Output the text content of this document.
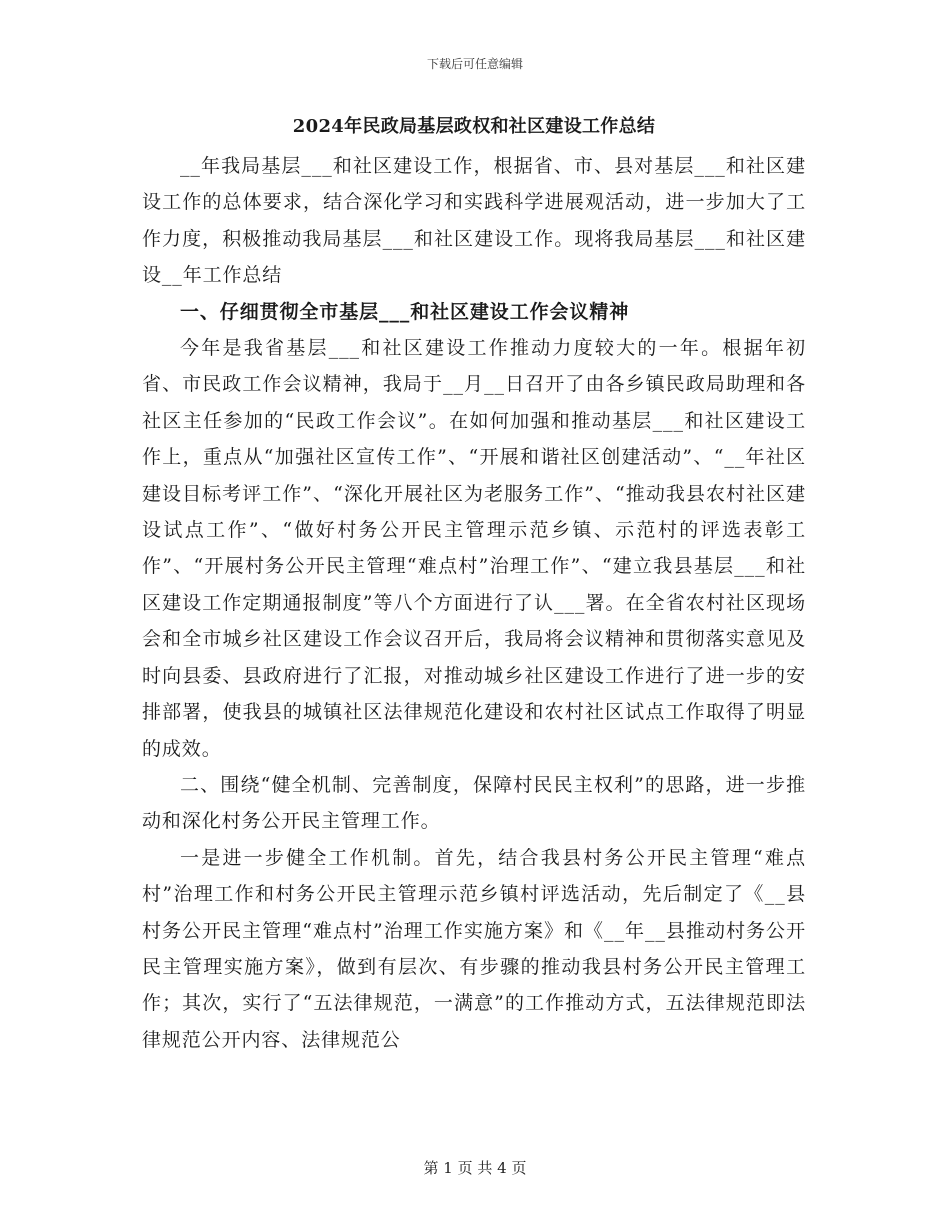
下载后可任意编辑
2024年民政局基层政权和社区建设工作总结

__年我局基层___和社区建设工作，根据省、市、县对基层___和社区建设工作的总体要求，结合深化学习和实践科学进展观活动，进一步加大了工作力度，积极推动我局基层___和社区建设工作。现将我局基层___和社区建设__年工作总结

一、仔细贯彻全市基层___和社区建设工作会议精神

今年是我省基层___和社区建设工作推动力度较大的一年。根据年初省、市民政工作会议精神，我局于__月__日召开了由各乡镇民政局助理和各社区主任参加的“民政工作会议”。在如何加强和推动基层___和社区建设工作上，重点从“加强社区宣传工作”、“开展和谐社区创建活动”、“__年社区建设目标考评工作”、“深化开展社区为老服务工作”、“推动我县农村社区建设试点工作”、“做好村务公开民主管理示范乡镇、示范村的评选表彰工作”、“开展村务公开民主管理“难点村”治理工作”、“建立我县基层___和社区建设工作定期通报制度”等八个方面进行了认___署。在全省农村社区现场会和全市城乡社区建设工作会议召开后，我局将会议精神和贯彻落实意见及时向县委、县政府进行了汇报，对推动城乡社区建设工作进行了进一步的安排部署，使我县的城镇社区法律规范化建设和农村社区试点工作取得了明显的成效。

二、围绕“健全机制、完善制度，保障村民民主权利”的思路，进一步推动和深化村务公开民主管理工作。

一是进一步健全工作机制。首先，结合我县村务公开民主管理“难点村”治理工作和村务公开民主管理示范乡镇村评选活动，先后制定了《__县村务公开民主管理“难点村”治理工作实施方案》和《__年__县推动村务公开民主管理实施方案》，做到有层次、有步骤的推动我县村务公开民主管理工作；其次，实行了“五法律规范，一满意”的工作推动方式，五法律规范即法律规范公开内容、法律规范公

第 1 页 共 4 页
